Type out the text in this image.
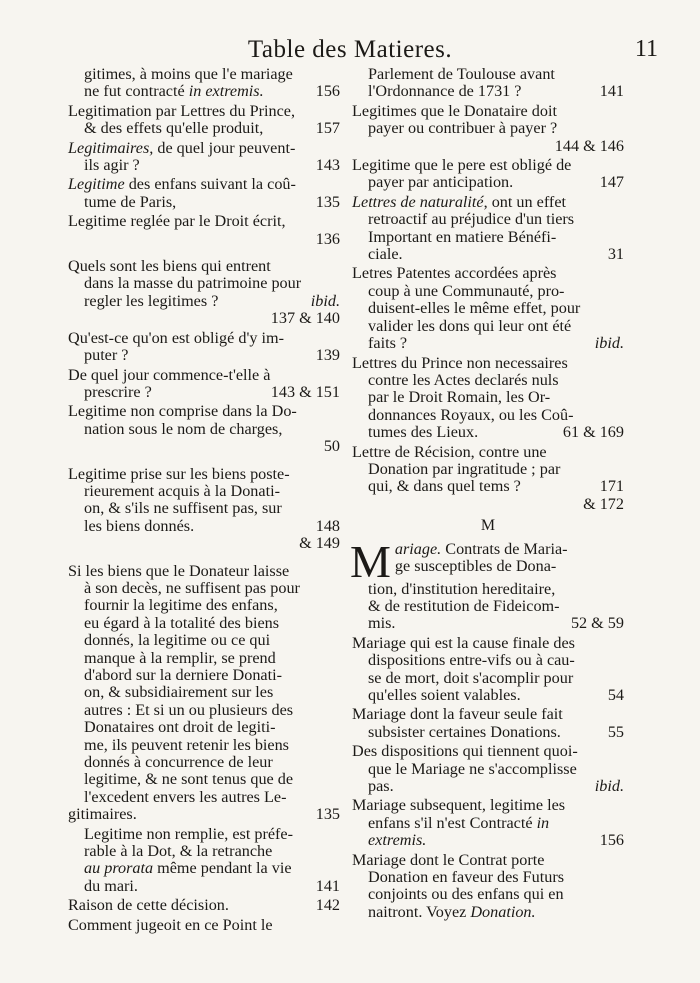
Table des Matieres.	11
gitimes, à moins que l'e mariage
ne fut contracté in extremis.	156
Legitimation par Lettres du Prince,
& des effets qu'elle produit,	157
Legitimaires, de quel jour peuvent-
ils agir ?	143
Legitime des enfans suivant la coû-
tume de Paris,	135
Legitime reglée par le Droit écrit,
136
Quels sont les biens qui entrent
dans la masse du patrimoine pour
regler les legitimes ?	ibid.
137 & 140
Qu'est-ce qu'on est obligé d'y im-
puter ?	139
De quel jour commence-t'elle à
prescrire ?	143 & 151
Legitime non comprise dans la Do-
nation sous le nom de charges,
50
Legitime prise sur les biens poste-
rieurement acquis à la Donati-
on, & s'ils ne suffisent pas, sur
les biens donnés.	148
& 149
Si les biens que le Donateur laisse
à son decès, ne suffisent pas pour
fournir la legitime des enfans,
eu égard à la totalité des biens
donnés, la legitime ou ce qui
manque à la remplir, se prend
d'abord sur la derniere Donati-
on, & subsidiairement sur les
autres : Et si un ou plusieurs des
Donataires ont droit de legiti-
me, ils peuvent retenir les biens
donnés à concurrence de leur
legitime, & ne sont tenus que de
l'excedent envers les autres Le-
gitimaires.	135
Legitime non remplie, est préfe-
rable à la Dot, & la retranche
au prorata même pendant la vie
du mari.	141
Raison de cette décision.	142
Comment jugeoit en ce Point le
Parlement de Toulouse avant
l'Ordonnance de 1731 ?	141
Legitimes que le Donataire doit
payer ou contribuer à payer ?
144 & 146
Legitime que le pere est obligé de
payer par anticipation.	147
Lettres de naturalité, ont un effet
retroactif au préjudice d'un tiers
Important en matiere Bénéfi-
ciale.	31
Letres Patentes accordées après
coup à une Communauté, pro-
duisent-elles le même effet, pour
valider les dons qui leur ont été
faits ?	ibid.
Lettres du Prince non necessaires
contre les Actes declarés nuls
par le Droit Romain, les Or-
donnances Royaux, ou les Coû-
tumes des Lieux.	61 & 169
Lettre de Récision, contre une
Donation par ingratitude ; par
qui, & dans quel tems ?	171
& 172
M
M ariage. Contrats de Maria-
ge susceptibles de Dona-
tion, d'institution hereditaire,
& de restitution de Fideicom-
mis.	52 & 59
Mariage qui est la cause finale des
dispositions entre-vifs ou à cau-
se de mort, doit s'acomplir pour
qu'elles soient valables.	54
Mariage dont la faveur seule fait
subsister certaines Donations.	55
Des dispositions qui tiennent quoi-
que le Mariage ne s'accomplisse
pas.	ibid.
Mariage subsequent, legitime les
enfans s'il n'est Contracté in
extremis.	156
Mariage dont le Contrat porte
Donation en faveur des Futurs
conjoints ou des enfans qui en
naitront. Voyez Donation.
